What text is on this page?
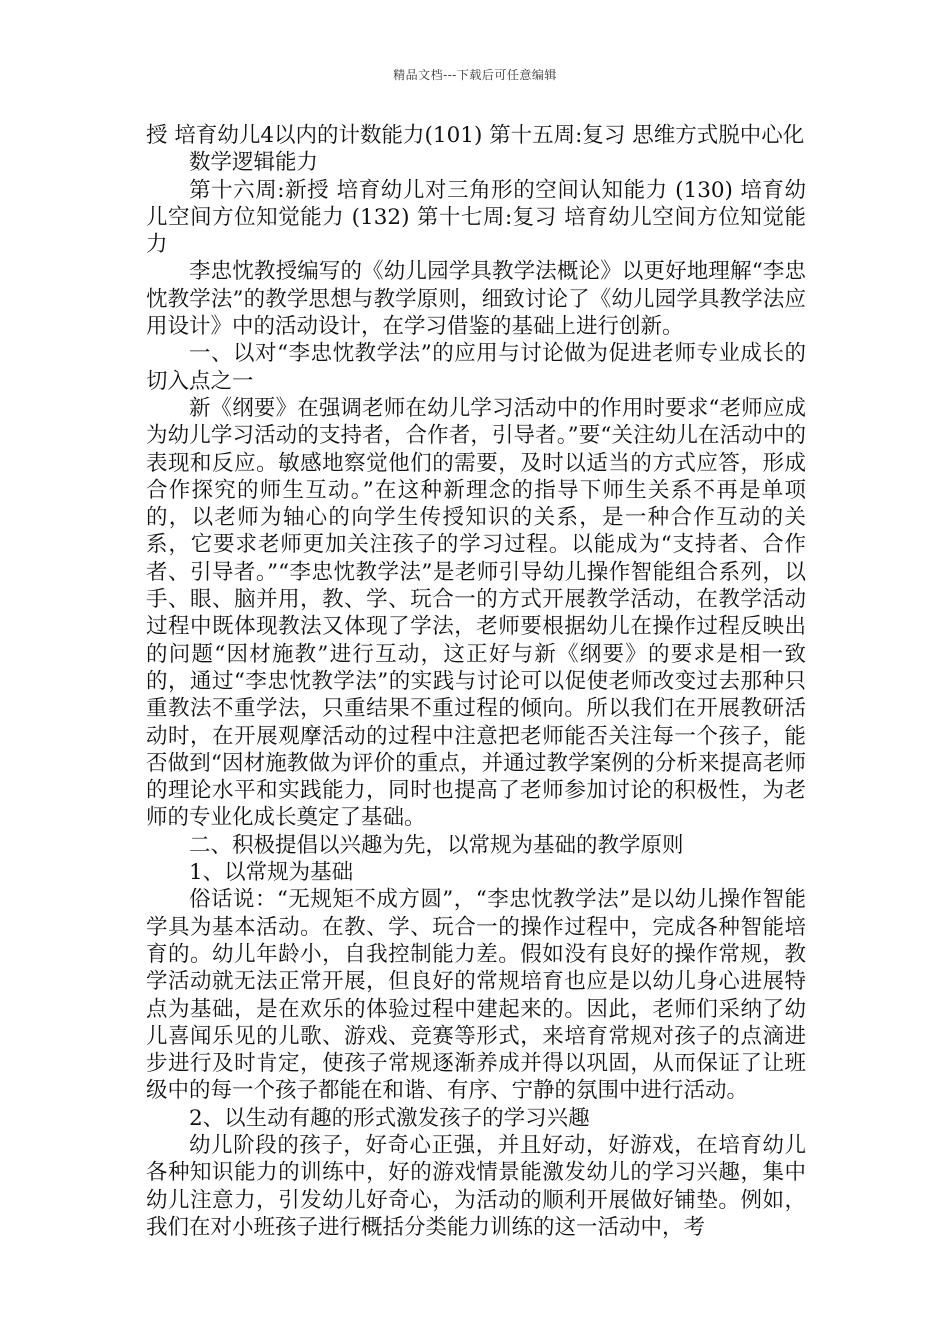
精品文档---下载后可任意编辑

授 培育幼儿4以内的计数能力(101) 第十五周:复习 思维方式脱中心化

数学逻辑能力

第十六周:新授 培育幼儿对三角形的空间认知能力 (130) 培育幼儿空间方位知觉能力 (132) 第十七周:复习 培育幼儿空间方位知觉能力

李忠忱教授编写的《幼儿园学具教学法概论》以更好地理解“李忠忱教学法”的教学思想与教学原则，细致讨论了《幼儿园学具教学法应用设计》中的活动设计，在学习借鉴的基础上进行创新。

一、以对“李忠忱教学法”的应用与讨论做为促进老师专业成长的切入点之一

新《纲要》在强调老师在幼儿学习活动中的作用时要求“老师应成为幼儿学习活动的支持者，合作者，引导者。”要“关注幼儿在活动中的表现和反应。敏感地察觉他们的需要，及时以适当的方式应答，形成合作探究的师生互动。”在这种新理念的指导下师生关系不再是单项的，以老师为轴心的向学生传授知识的关系，是一种合作互动的关系，它要求老师更加关注孩子的学习过程。以能成为“支持者、合作者、引导者。”“李忠忱教学法”是老师引导幼儿操作智能组合系列，以手、眼、脑并用，教、学、玩合一的方式开展教学活动，在教学活动过程中既体现教法又体现了学法，老师要根据幼儿在操作过程反映出的问题“因材施教”进行互动，这正好与新《纲要》的要求是相一致的，通过“李忠忱教学法”的实践与讨论可以促使老师改变过去那种只重教法不重学法，只重结果不重过程的倾向。所以我们在开展教研活动时，在开展观摩活动的过程中注意把老师能否关注每一个孩子，能否做到“因材施教做为评价的重点，并通过教学案例的分析来提高老师的理论水平和实践能力，同时也提高了老师参加讨论的积极性，为老师的专业化成长奠定了基础。

二、积极提倡以兴趣为先，以常规为基础的教学原则

1、以常规为基础

俗话说：“无规矩不成方圆”，“李忠忱教学法”是以幼儿操作智能学具为基本活动。在教、学、玩合一的操作过程中，完成各种智能培育的。幼儿年龄小，自我控制能力差。假如没有良好的操作常规，教学活动就无法正常开展，但良好的常规培育也应是以幼儿身心进展特点为基础，是在欢乐的体验过程中建起来的。因此，老师们采纳了幼儿喜闻乐见的儿歌、游戏、竞赛等形式，来培育常规对孩子的点滴进步进行及时肯定，使孩子常规逐渐养成并得以巩固，从而保证了让班级中的每一个孩子都能在和谐、有序、宁静的氛围中进行活动。

2、以生动有趣的形式激发孩子的学习兴趣

幼儿阶段的孩子，好奇心正强，并且好动，好游戏，在培育幼儿各种知识能力的训练中，好的游戏情景能激发幼儿的学习兴趣，集中幼儿注意力，引发幼儿好奇心，为活动的顺利开展做好铺垫。例如，我们在对小班孩子进行概括分类能力训练的这一活动中，考
